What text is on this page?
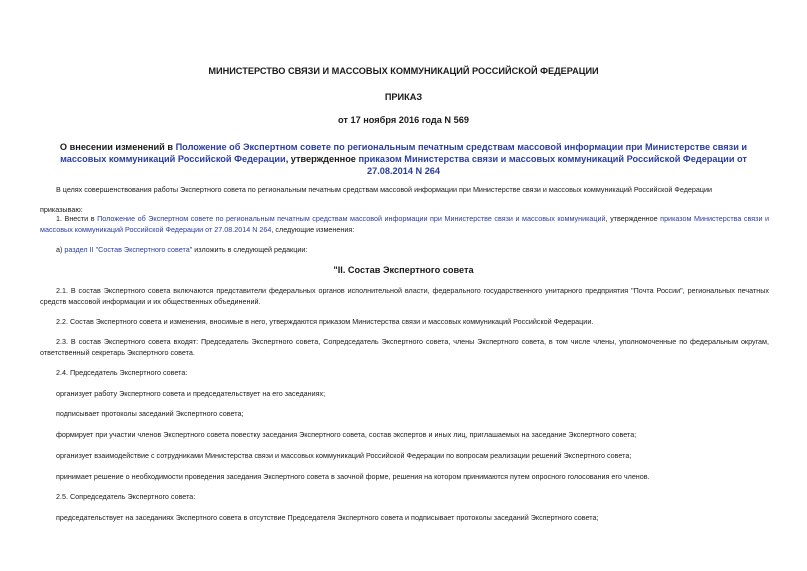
МИНИСТЕРСТВО СВЯЗИ И МАССОВЫХ КОММУНИКАЦИЙ РОССИЙСКОЙ ФЕДЕРАЦИИ
ПРИКАЗ
от 17 ноября 2016 года N 569
О внесении изменений в Положение об Экспертном совете по региональным печатным средствам массовой информации при Министерстве связи и массовых коммуникаций Российской Федерации, утвержденное приказом Министерства связи и массовых коммуникаций Российской Федерации от 27.08.2014 N 264
В целях совершенствования работы Экспертного совета по региональным печатным средствам массовой информации при Министерстве связи и массовых коммуникаций Российской Федерации
приказываю:
1. Внести в Положение об Экспертном совете по региональным печатным средствам массовой информации при Министерстве связи и массовых коммуникаций, утвержденное приказом Министерства связи и массовых коммуникаций Российской Федерации от 27.08.2014 N 264, следующие изменения:
а) раздел II "Состав Экспертного совета" изложить в следующей редакции:
"II. Состав Экспертного совета
2.1. В состав Экспертного совета включаются представители федеральных органов исполнительной власти, федерального государственного унитарного предприятия "Почта России", региональных печатных средств массовой информации и их общественных объединений.
2.2. Состав Экспертного совета и изменения, вносимые в него, утверждаются приказом Министерства связи и массовых коммуникаций Российской Федерации.
2.3. В состав Экспертного совета входят: Председатель Экспертного совета, Сопредседатель Экспертного совета, члены Экспертного совета, в том числе члены, уполномоченные по федеральным округам, ответственный секретарь Экспертного совета.
2.4. Председатель Экспертного совета:
организует работу Экспертного совета и председательствует на его заседаниях;
подписывает протоколы заседаний Экспертного совета;
формирует при участии членов Экспертного совета повестку заседания Экспертного совета, состав экспертов и иных лиц, приглашаемых на заседание Экспертного совета;
организует взаимодействие с сотрудниками Министерства связи и массовых коммуникаций Российской Федерации по вопросам реализации решений Экспертного совета;
принимает решение о необходимости проведения заседания Экспертного совета в заочной форме, решения на котором принимаются путем опросного голосования его членов.
2.5. Сопредседатель Экспертного совета:
председательствует на заседаниях Экспертного совета в отсутствие Председателя Экспертного совета и подписывает протоколы заседаний Экспертного совета;
